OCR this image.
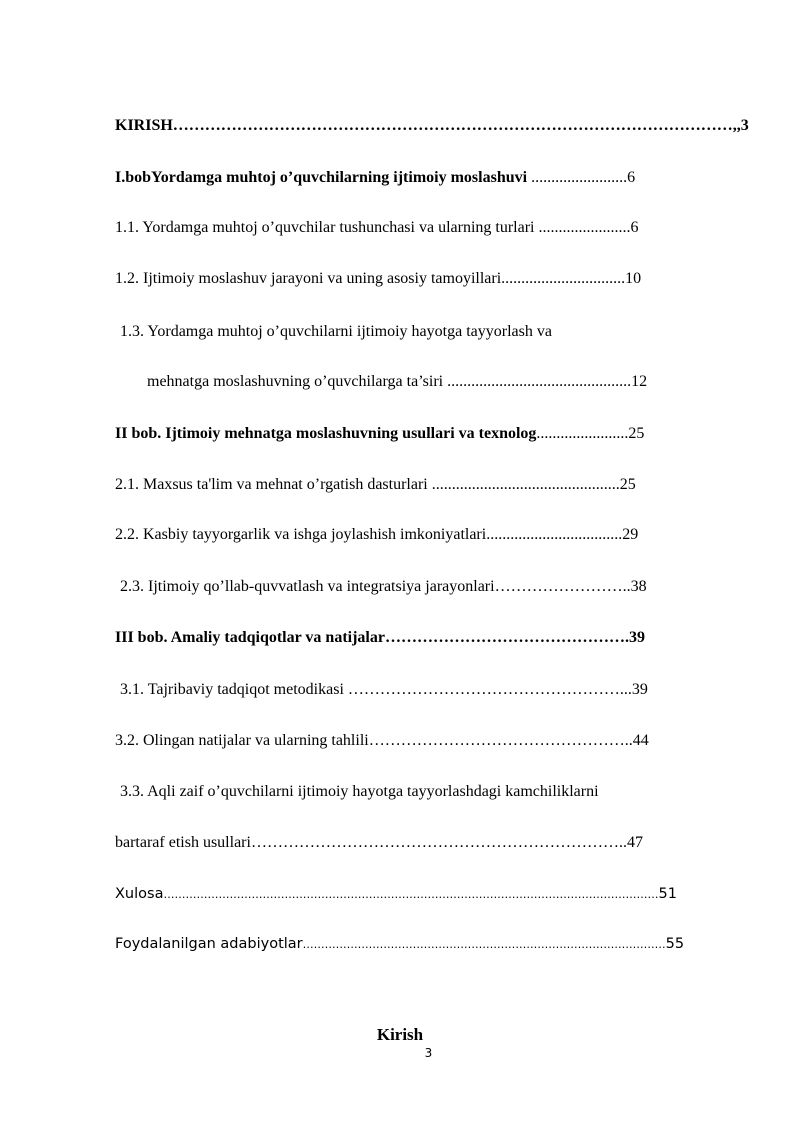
KIRISH……………………………………………………………………………………………,,3
I.bobYordamga muhtoj o’quvchilarning ijtimoiy moslashuvi ........................6
1.1. Yordamga muhtoj o’quvchilar tushunchasi va ularning turlari .......................6
1.2. Ijtimoiy moslashuv jarayoni va uning asosiy tamoyillari...............................10
1.3. Yordamga muhtoj o’quvchilarni ijtimoiy hayotga tayyorlash va
mehnatga moslashuvning o’quvchilarga ta’siri ..............................................12
II bob. Ijtimoiy mehnatga moslashuvning usullari va texnolog.......................25
2.1. Maxsus ta'lim va mehnat o’rgatish dasturlari ...............................................25
2.2. Kasbiy tayyorgarlik va ishga joylashish imkoniyatlari..................................29
2.3. Ijtimoiy qo’llab-quvvatlash va integratsiya jarayonlari……………………..38
III bob. Amaliy tadqiqotlar va natijalar……………………………………….39
3.1. Tajribaviy tadqiqot metodikasi ……………………………………………...39
3.2. Olingan natijalar va ularning tahlili…………………………………………..44
3.3. Aqli zaif o’quvchilarni ijtimoiy hayotga tayyorlashdagi kamchiliklarni
bartaraf etish usullari……………………………………………………………..47
Xulosa………………………………………………………………………………………………………………………51
Foydalanilgan adabiyotlar………………………………………………………………………………………55
Kirish
3
